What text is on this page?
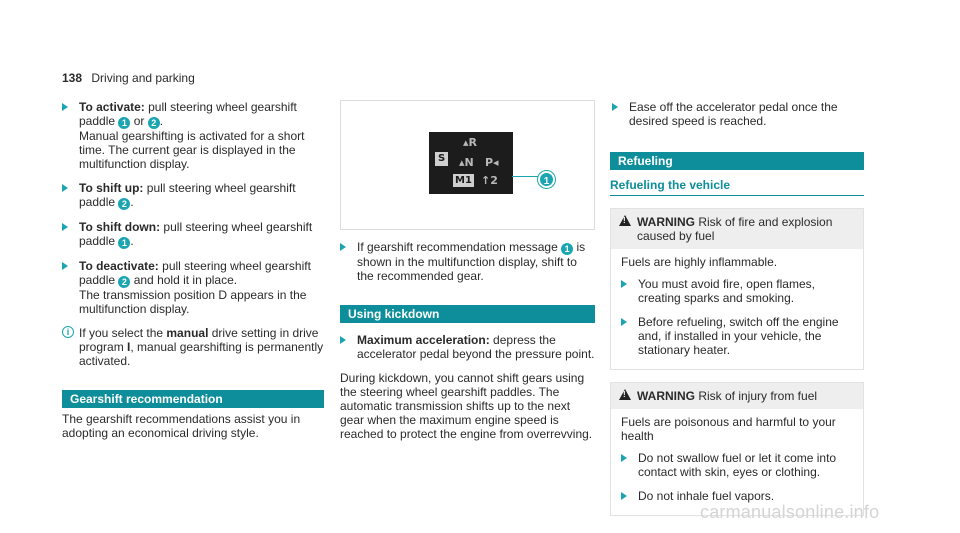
138 Driving and parking
To activate: pull steering wheel gearshift paddle 1 or 2 .
Manual gearshifting is activated for a short time. The current gear is displayed in the multifunction display.
To shift up: pull steering wheel gearshift paddle 2 .
To shift down: pull steering wheel gearshift paddle 1 .
To deactivate: pull steering wheel gearshift paddle 2 and hold it in place.
The transmission position D appears in the multifunction display.
i If you select the manual drive setting in drive program I, manual gearshifting is permanently activated.
Gearshift recommendation
The gearshift recommendations assist you in adopting an economical driving style.
▴R
▴N P◂
S
M1 ↑2	1
If gearshift recommendation message 1 is shown in the multifunction display, shift to the recommended gear.
Using kickdown
Maximum acceleration: depress the accelerator pedal beyond the pressure point.
During kickdown, you cannot shift gears using the steering wheel gearshift paddles. The automatic transmission shifts up to the next gear when the maximum engine speed is reached to protect the engine from overrevving.
Ease off the accelerator pedal once the desired speed is reached.
Refueling
Refueling the vehicle
!
WARNING Risk of fire and explosion caused by fuel
Fuels are highly inflammable.
You must avoid fire, open flames, creating sparks and smoking.
Before refueling, switch off the engine and, if installed in your vehicle, the stationary heater.
!
WARNING Risk of injury from fuel
Fuels are poisonous and harmful to your health
Do not swallow fuel or let it come into contact with skin, eyes or clothing.
Do not inhale fuel vapors.
carmanualsonline.info
